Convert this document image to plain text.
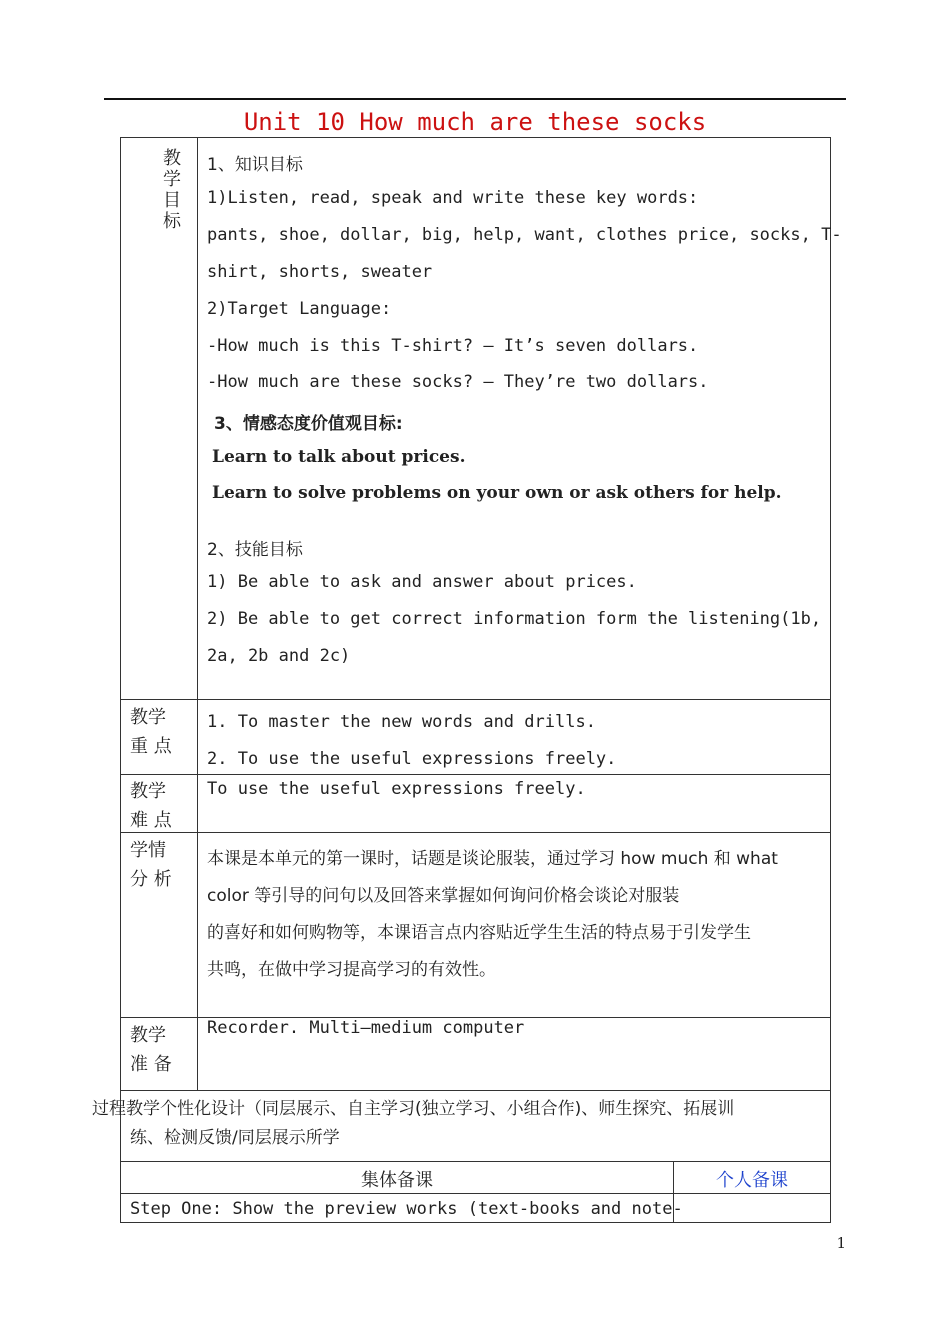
Unit 10 How much are these socks
教
学
目
标
1、知识目标
1)Listen, read, speak and write these key words:
pants, shoe, dollar, big, help, want, clothes price, socks, T-
shirt, shorts, sweater
2)Target Language:
-How much is this T-shirt? – It’s seven dollars.
-How much are these socks? – They’re two dollars.
3、情感态度价值观目标:
Learn to talk about prices.
Learn to solve problems on your own or ask others for help.
2、技能目标
1) Be able to ask and answer about prices.
2) Be able to get correct information form the listening(1b,
2a, 2b and 2c)
教学
重 点
1. To master the new words and drills.
2. To use the useful expressions freely.
教学
难 点
To use the useful expressions freely.
学情
分 析
本课是本单元的第一课时，话题是谈论服装，通过学习 how much 和 what
color 等引导的问句以及回答来掌握如何询问价格会谈论对服装
的喜好和如何购物等，本课语言点内容贴近学生生活的特点易于引发学生
共鸣，在做中学习提高学习的有效性。
教学
准 备
Recorder. Multi—medium computer
过程教学个性化设计（同层展示、自主学习(独立学习、小组合作)、师生探究、拓展训
练、检测反馈/同层展示所学
集体备课	个人备课
Step One: Show the preview works (text-books and note-
1
